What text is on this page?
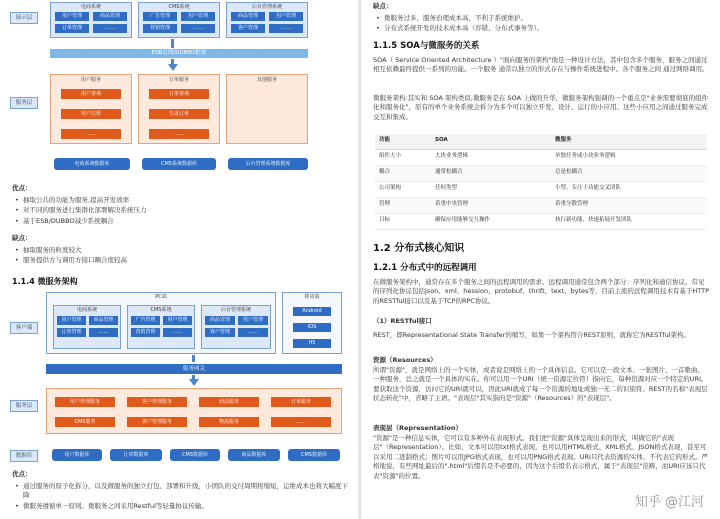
展示层
服务层
电商系统
用户管理	商品管理
订单管理	……
CMS系统
广告管理	用户管理
营销管理	……
后台管理系统
商品管理	用户管理
客户管理	……
ESB总线/DUBBO框架
用户服务
用户查询
用户注册
……
订单服务
订单查询
生成订单
……
其他服务
电商系统数据库	CMS系统数据库	后台管理系统数据库
优点：
• 抽取公共的功能为服务,提高开发效率
• 对不同的服务进行集群化部署解决系统压力
• 基于ESB/DUBBO减少系统耦合
缺点：
• 抽取服务的粒度较大
• 服务提供方与调用方接口耦合度较高
1.1.4 微服务架构
客户端
服务层
数据库
PC端
电商系统
用户管理	商品管理
订单管理	……
CMS系统
广告管理	用户管理
营销管理	……
后台管理系统
商品管理	用户管理
客户管理	……
移动端
Android
IOS
H5
服务网关
用户管理服务	客户管理服务	商品服务	订单服务
CMS服务	客户管理服务	物流服务	……
用户数据库	订单数据库	CMS数据库	商品数据库	CMS数据库
优点：
• 通过服务的原子化拆分，以及微服务的独立打包、部署和升级，小团队的交付周期将缩短，运维成本也将大幅度下降
• 微服务遵循单一原则。微服务之间采用Restful等轻量协议传输。
缺点：
• 微服务过多，服务治理成本高，不利于系统维护。
• 分布式系统开发的技术成本高（容错、分布式事务等）。
1.1.5 SOA与微服务的关系
SOA（ Service Oriented Architecture ）"面向服务的架构"他是一种设计方法，其中包含多个服务，服务之间通过相互依赖最终提供一系列的功能。一个服务 通常以独立的形式存在与操作系统进程中。各个服务之间 通过网络调用。
微服务架构:其实和 SOA 架构类似,微服务是在 SOA 上做的升华，微服务架构强调的一个重点是"业务需要彻底的组件化和服务化"，原有的单个业务系统会拆分为多个可以独立开发、设计、运行的小应用。这些小应用之间通过服务完成交互和集成。
功能	SOA	微服务
组件大小	大块业务逻辑	单独任务或小块业务逻辑
耦合	通常松耦合	总是松耦合
公司架构	任何类型	小型、专注于功能交叉团队
管理	着重中央管理	着重分散管理
目标	确保应用能够交互操作	执行新功能、快速拓展开发团队
1.2 分布式核心知识
1.2.1 分布式中的远程调用
在微服务架构中，通常存在多个服务之间的远程调用的需求。远程调用通常包含两个部分：序列化和通信协议。常见的序列化协议包括json、xml、hession、protobuf、thrift、text、bytes等，目前主流的远程调用技术有基于HTTP的RESTful接口以及基于TCP的RPC协议。
（1）RESTful接口
REST，即Representational State Transfer的缩写，如果一个架构符合REST原则，就称它为RESTful架构。
资源（Resources）
所谓"资源"，就是网络上的一个实体，或者说是网络上的一个具体信息。它可以是一段文本、一张图片、一首歌曲、一种服务，总之就是一个具体的实在。你可以用一个URI（统一资源定位符）指向它，每种资源对应一个特定的URI。要获取这个资源，访问它的URI就可以，因此URI就成了每一个资源的地址或独一无二的识别符。REST的名称"表现层状态转化"中，省略了主语。"表现层"其实指的是"资源"（Resources）的"表现层"。
表现层（Representation）
"资源"是一种信息实体，它可以有多种外在表现形式。我们把"资源"具体呈现出来的形式，叫做它的"表现层"（Representation）。比如，文本可以用txt格式表现，也可以用HTML格式、XML格式、JSON格式表现，甚至可以采用二进制格式；图片可以用JPG格式表现，也可以用PNG格式表现。URI只代表资源的实体，不代表它的形式。严格地说，有些网址最后的".html"后缀名是不必要的，因为这个后缀名表示格式，属于"表现层"范畴，而URI应该只代表"资源"的位置。
知乎 @江河
